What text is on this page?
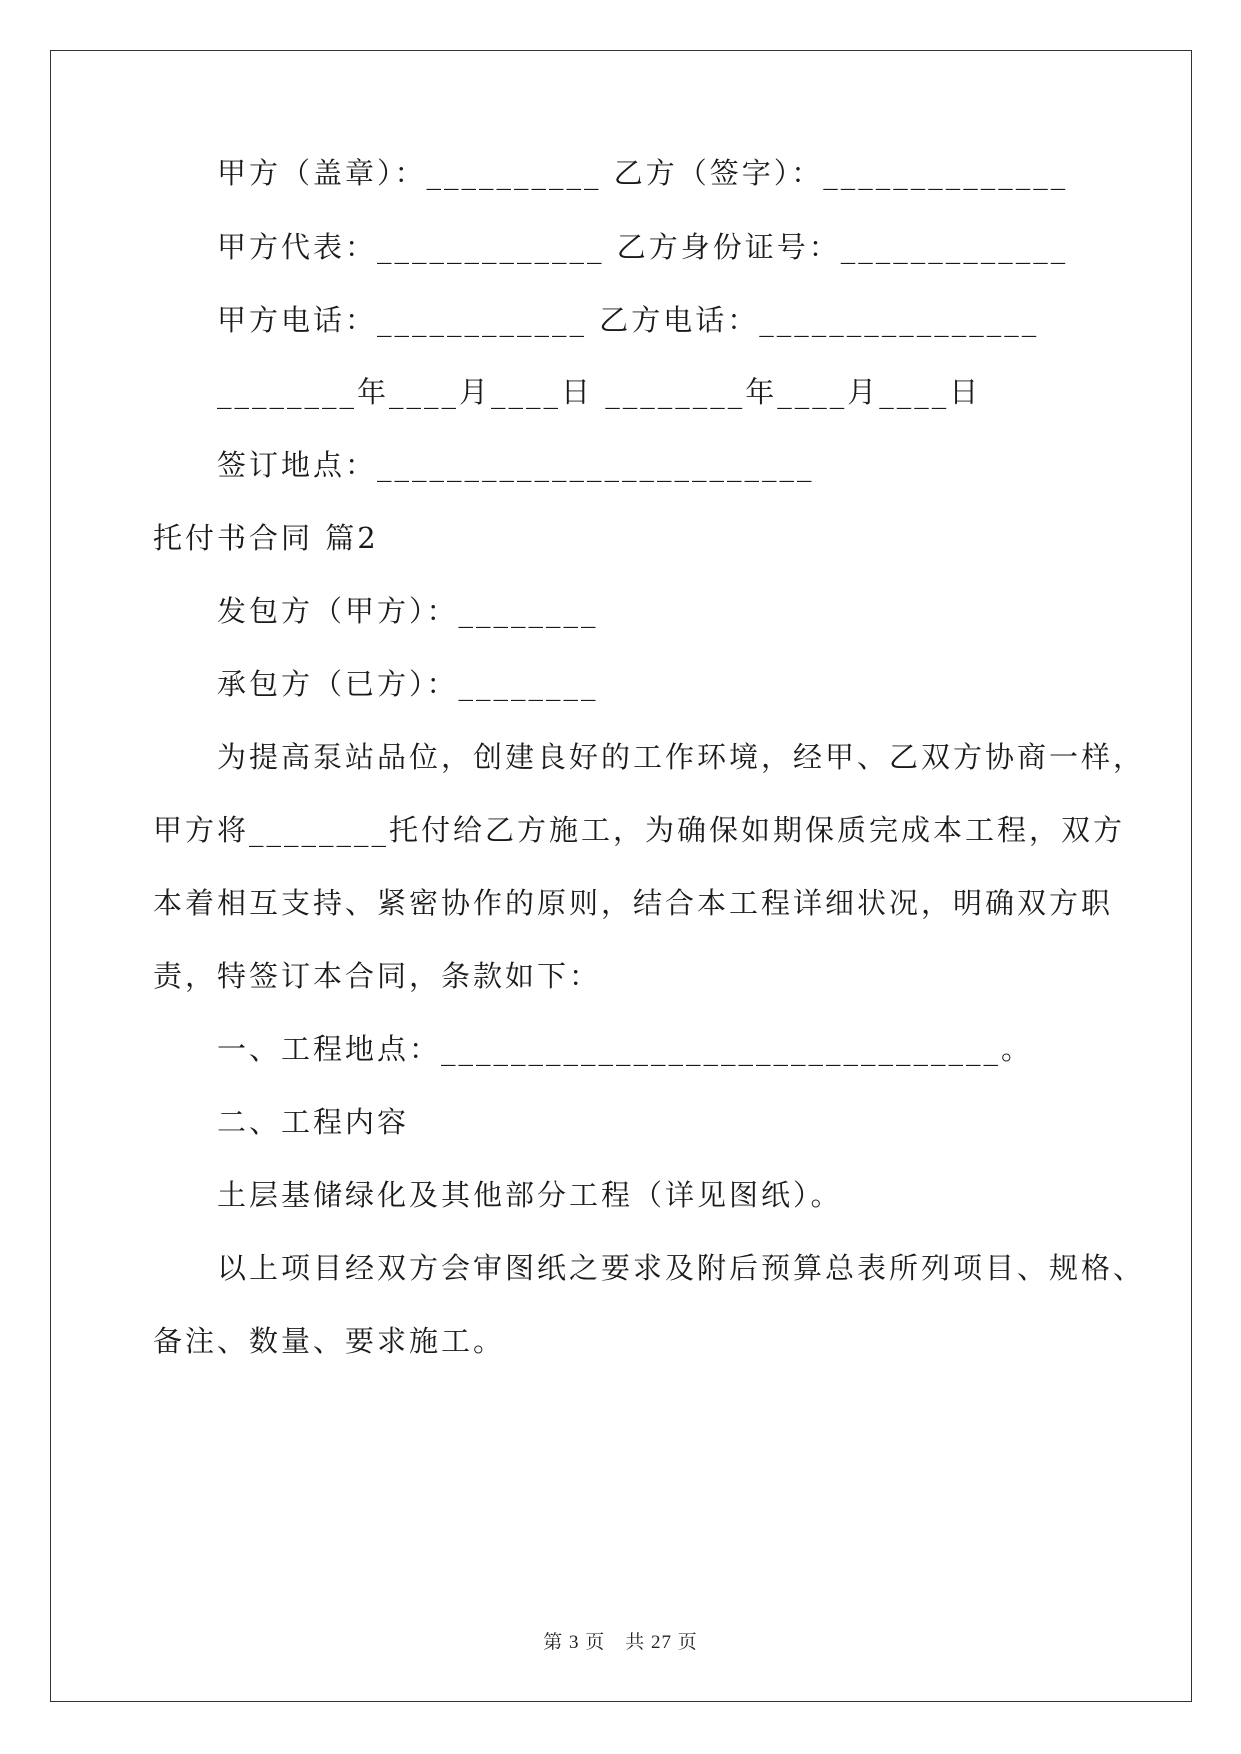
甲方（盖章）：__________ 乙方（签字）：______________
甲方代表：_____________ 乙方身份证号：_____________
甲方电话：____________ 乙方电话：________________
________年____月____日 ________年____月____日
签订地点：_________________________
托付书合同 篇2
发包方（甲方）：________
承包方（已方）：________
为提高泵站品位，创建良好的工作环境，经甲、乙双方协商一样，
甲方将________托付给乙方施工，为确保如期保质完成本工程，双方
本着相互支持、紧密协作的原则，结合本工程详细状况，明确双方职
责，特签订本合同，条款如下：
一、工程地点：________________________________。
二、工程内容
土层基储绿化及其他部分工程（详见图纸）。
以上项目经双方会审图纸之要求及附后预算总表所列项目、规格、
备注、数量、要求施工。
第 3 页　共 27 页
